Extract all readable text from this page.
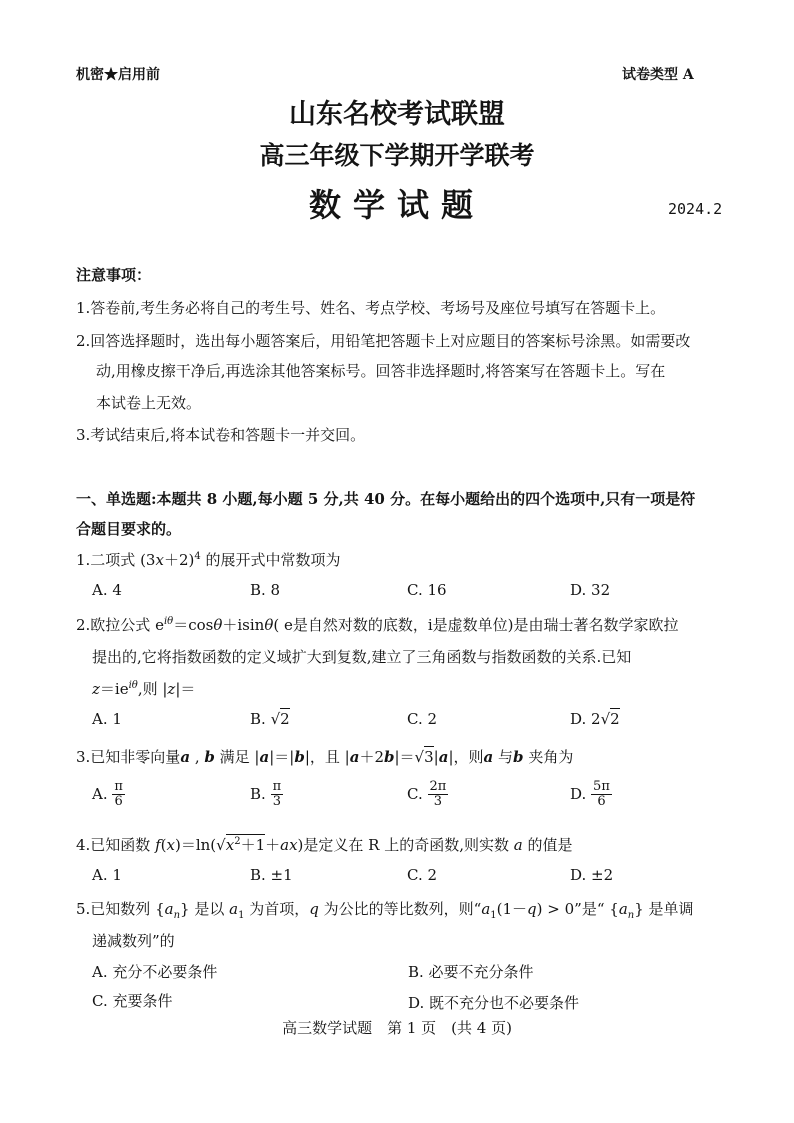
机密★启用前	试卷类型 A
山东名校考试联盟
高三年级下学期开学联考
数学试题	2024.2
注意事项：
1.答卷前,考生务必将自己的考生号、姓名、考点学校、考场号及座位号填写在答题卡上。
2.回答选择题时，选出每小题答案后，用铅笔把答题卡上对应题目的答案标号涂黑。如需要改
动,用橡皮擦干净后,再选涂其他答案标号。回答非选择题时,将答案写在答题卡上。写在
本试卷上无效。
3.考试结束后,将本试卷和答题卡一并交回。
一、单选题:本题共 8 小题,每小题 5 分,共 40 分。在每小题给出的四个选项中,只有一项是符
合题目要求的。
1.二项式 $(3x+2)^4$ 的展开式中常数项为
A. 4	B. 8	C. 16	D. 32
2.欧拉公式 $e^{i\theta}=\cos\theta+isin\theta$( e是自然对数的底数，i是虚数单位)是由瑞士著名数学家欧拉
提出的,它将指数函数的定义域扩大到复数,建立了三角函数与指数函数的关系.已知
$z=ie^{i\theta}$,则 |z|＝
A. 1	B. √2	C. 2	D. 2√2
3.已知非零向量a , b 满足 |a|＝|b|，且 |a＋2b|＝√3|a|，则a 与b 夹角为
A. $\frac{\pi}{6}$	B. $\frac{\pi}{3}$	C. $\frac{2\pi}{3}$	D. $\frac{5\pi}{6}$
4.已知函数 $f(x)=\ln(√x^2+1+ax)$是定义在 R 上的奇函数,则实数 a 的值是
A. 1	B. ±1	C. 2	D. ±2
5.已知数列 $\{a_n\}$ 是以 $a_1$ 为首项，q 为公比的等比数列，则“$a_1(1-q) > 0$”是“ $\{a_n\}$ 是单调
递减数列”的
A. 充分不必要条件	B. 必要不充分条件
C. 充要条件	D. 既不充分也不必要条件
高三数学试题　第 1 页　(共 4 页)
